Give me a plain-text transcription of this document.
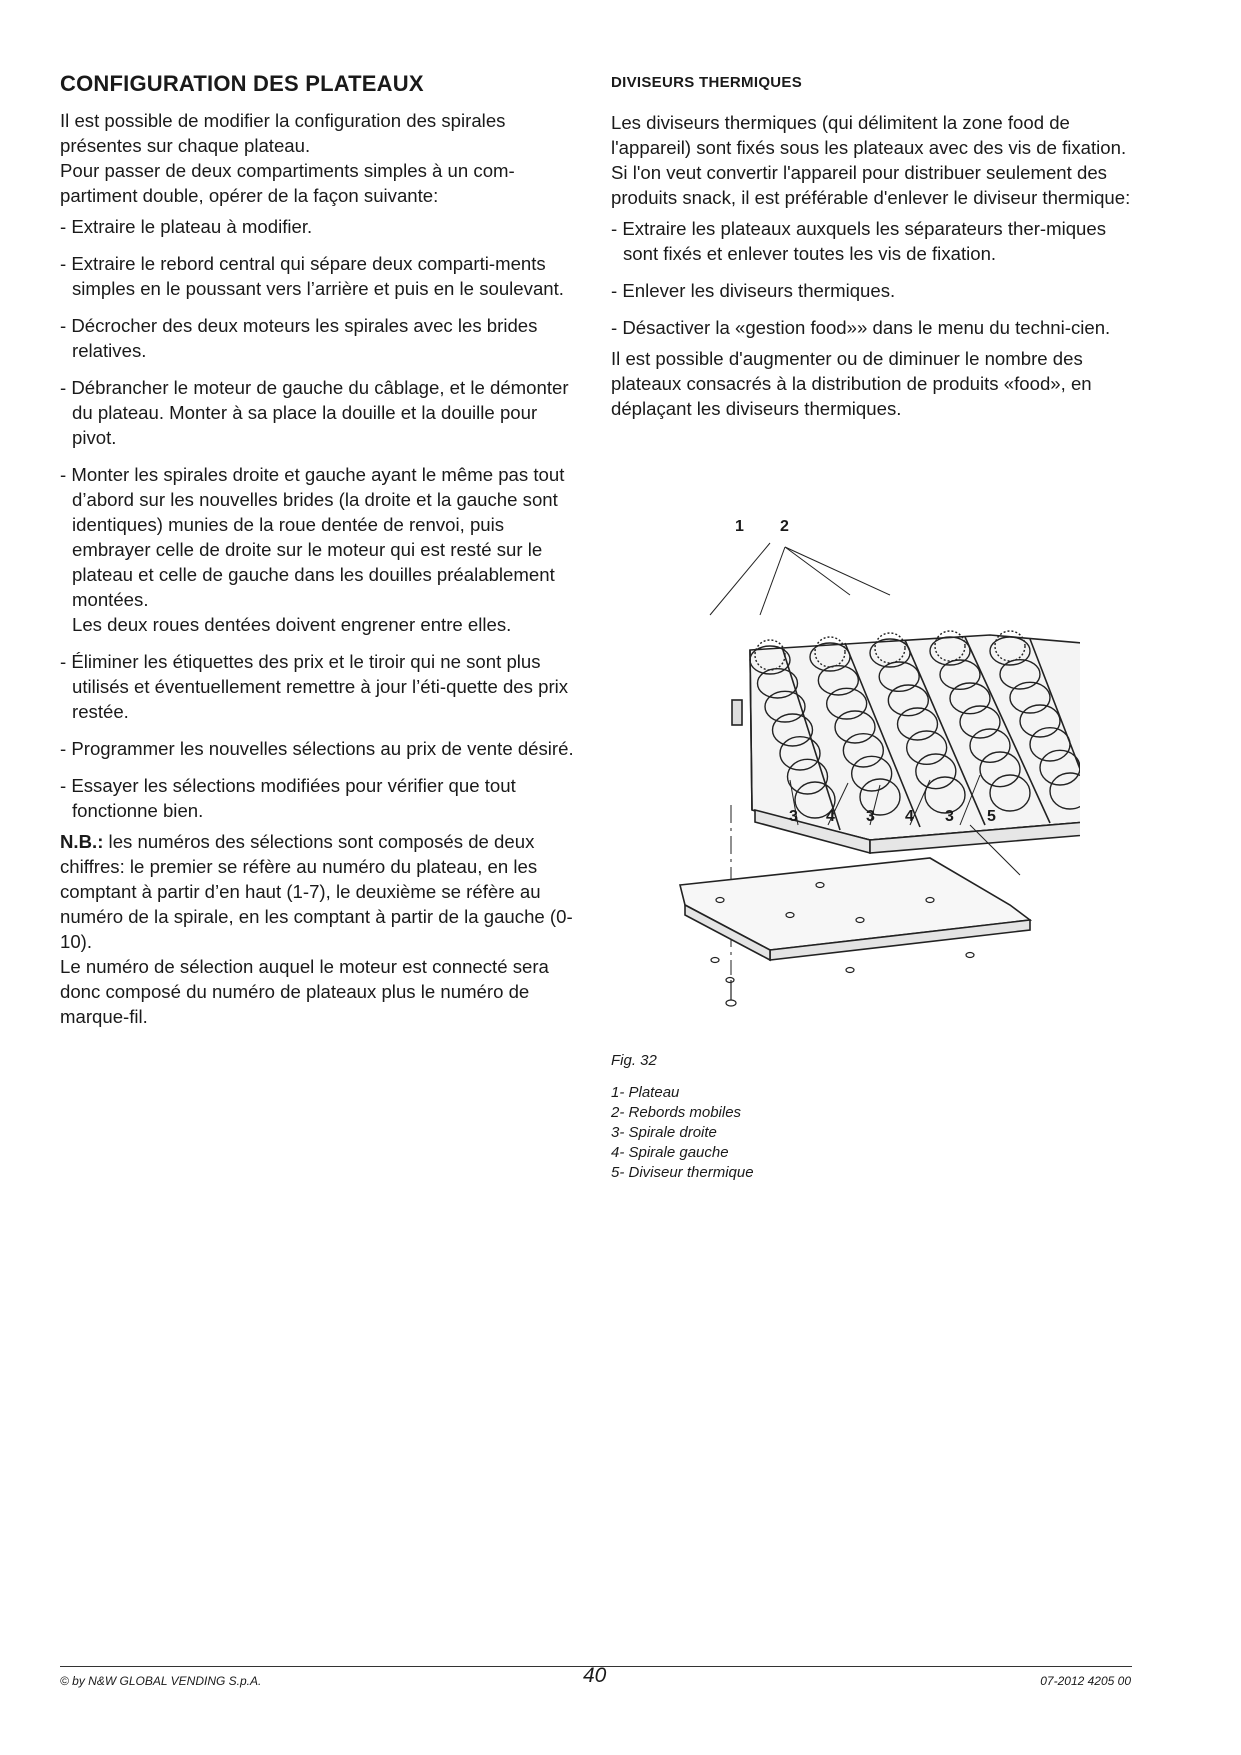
CONFIGURATION DES PLATEAUX

Il est possible de modifier la configuration des spirales présentes sur chaque plateau.

Pour passer de deux compartiments simples à un com-partiment double, opérer de la façon suivante:

- Extraire le plateau à modifier.

- Extraire le rebord central qui sépare deux comparti-ments simples en le poussant vers l’arrière et puis en le soulevant.

- Décrocher des deux moteurs les spirales avec les brides relatives.

- Débrancher le moteur de gauche du câblage, et le démonter du plateau. Monter à sa place la douille et la douille pour pivot.

- Monter les spirales droite et gauche ayant le même pas tout d’abord sur les nouvelles brides (la droite et la gauche sont identiques) munies de la roue dentée de renvoi, puis embrayer celle de droite sur le moteur qui est resté sur le plateau et celle de gauche dans les douilles préalablement montées.
Les deux roues dentées doivent engrener entre elles.

- Éliminer les étiquettes des prix et le tiroir qui ne sont plus utilisés et éventuellement remettre à jour l’éti-quette des prix restée.

- Programmer les nouvelles sélections au prix de vente désiré.

- Essayer les sélections modifiées pour vérifier que tout fonctionne bien.

N.B.: les numéros des sélections sont composés de deux chiffres: le premier se réfère au numéro du plateau, en les comptant à partir d’en haut (1-7), le deuxième se réfère au numéro de la spirale, en les comptant à partir de la gauche (0-10).

Le numéro de sélection auquel le moteur est connecté sera donc composé du numéro de plateaux plus le numéro de marque-fil.

DIVISEURS THERMIQUES

Les diviseurs thermiques (qui délimitent la zone food de l'appareil) sont fixés sous les plateaux avec des vis de fixation.

Si l'on veut convertir l'appareil pour distribuer seulement des produits snack, il est préférable d'enlever le diviseur thermique:

- Extraire les plateaux auxquels les séparateurs ther-miques sont fixés et enlever toutes les vis de fixation.

- Enlever les diviseurs thermiques.

- Désactiver la «gestion food»» dans le menu du techni-cien.

Il est possible d'augmenter ou de diminuer le nombre des plateaux consacrés à la distribution de produits «food», en déplaçant les diviseurs thermiques.

1 2
3 4 3 4 3 5
Fig. 32
1- Plateau
2- Rebords mobiles
3- Spirale droite
4- Spirale gauche
5- Diviseur thermique
© by N&W GLOBAL VENDING S.p.A.	40	07-2012 4205 00
